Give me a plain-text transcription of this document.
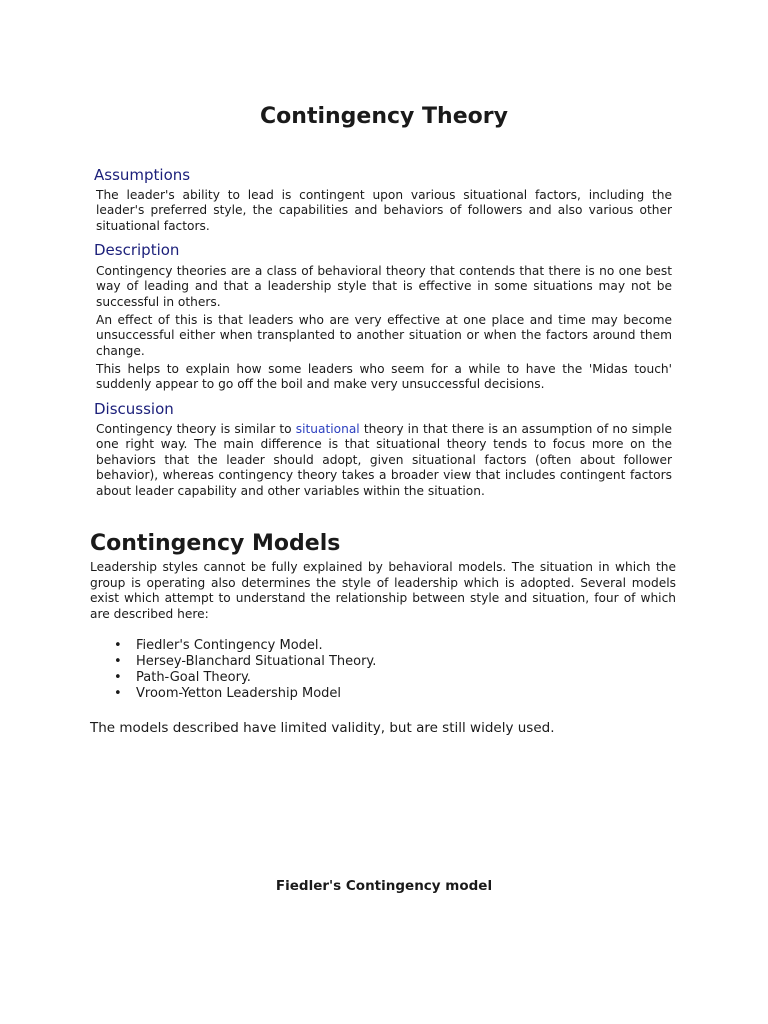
Contingency Theory
Assumptions

The leader's ability to lead is contingent upon various situational factors, including the leader's preferred style, the capabilities and behaviors of followers and also various other situational factors.

Description

Contingency theories are a class of behavioral theory that contends that there is no one best way of leading and that a leadership style that is effective in some situations may not be successful in others.

An effect of this is that leaders who are very effective at one place and time may become unsuccessful either when transplanted to another situation or when the factors around them change.

This helps to explain how some leaders who seem for a while to have the 'Midas touch' suddenly appear to go off the boil and make very unsuccessful decisions.

Discussion

Contingency theory is similar to situational theory in that there is an assumption of no simple one right way. The main difference is that situational theory tends to focus more on the behaviors that the leader should adopt, given situational factors (often about follower behavior), whereas contingency theory takes a broader view that includes contingent factors about leader capability and other variables within the situation.

Contingency Models

Leadership styles cannot be fully explained by behavioral models. The situation in which the group is operating also determines the style of leadership which is adopted. Several models exist which attempt to understand the relationship between style and situation, four of which are described here:

• Fiedler's Contingency Model.
• Hersey-Blanchard Situational Theory.
• Path-Goal Theory.
• Vroom-Yetton Leadership Model

The models described have limited validity, but are still widely used.

Fiedler's Contingency model
